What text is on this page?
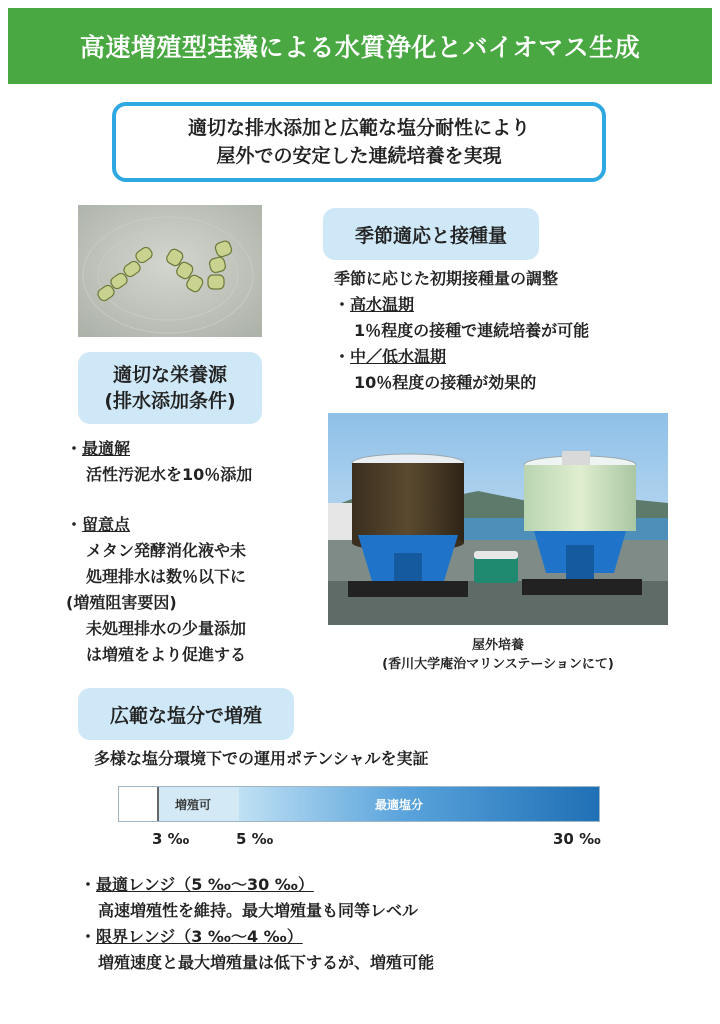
高速増殖型珪藻による水質浄化とバイオマス生成
適切な排水添加と広範な塩分耐性により
屋外での安定した連続培養を実現
適切な栄養源
(排水添加条件)
・最適解
活性汚泥水を10％添加
・留意点
メタン発酵消化液や未
処理排水は数％以下に
(増殖阻害要因)
未処理排水の少量添加
は増殖をより促進する
季節適応と接種量
季節に応じた初期接種量の調整
・高水温期
1％程度の接種で連続培養が可能
・中／低水温期
10％程度の接種が効果的
屋外培養
(香川大学庵治マリンステーションにて)
広範な塩分で増殖
多様な塩分環境下での運用ポテンシャルを実証
増殖可	最適塩分
3 ‰	5 ‰	30 ‰
・最適レンジ（5 ‰〜30 ‰）
高速増殖性を維持。最大増殖量も同等レベル
・限界レンジ（3 ‰〜4 ‰）
増殖速度と最大増殖量は低下するが、増殖可能
